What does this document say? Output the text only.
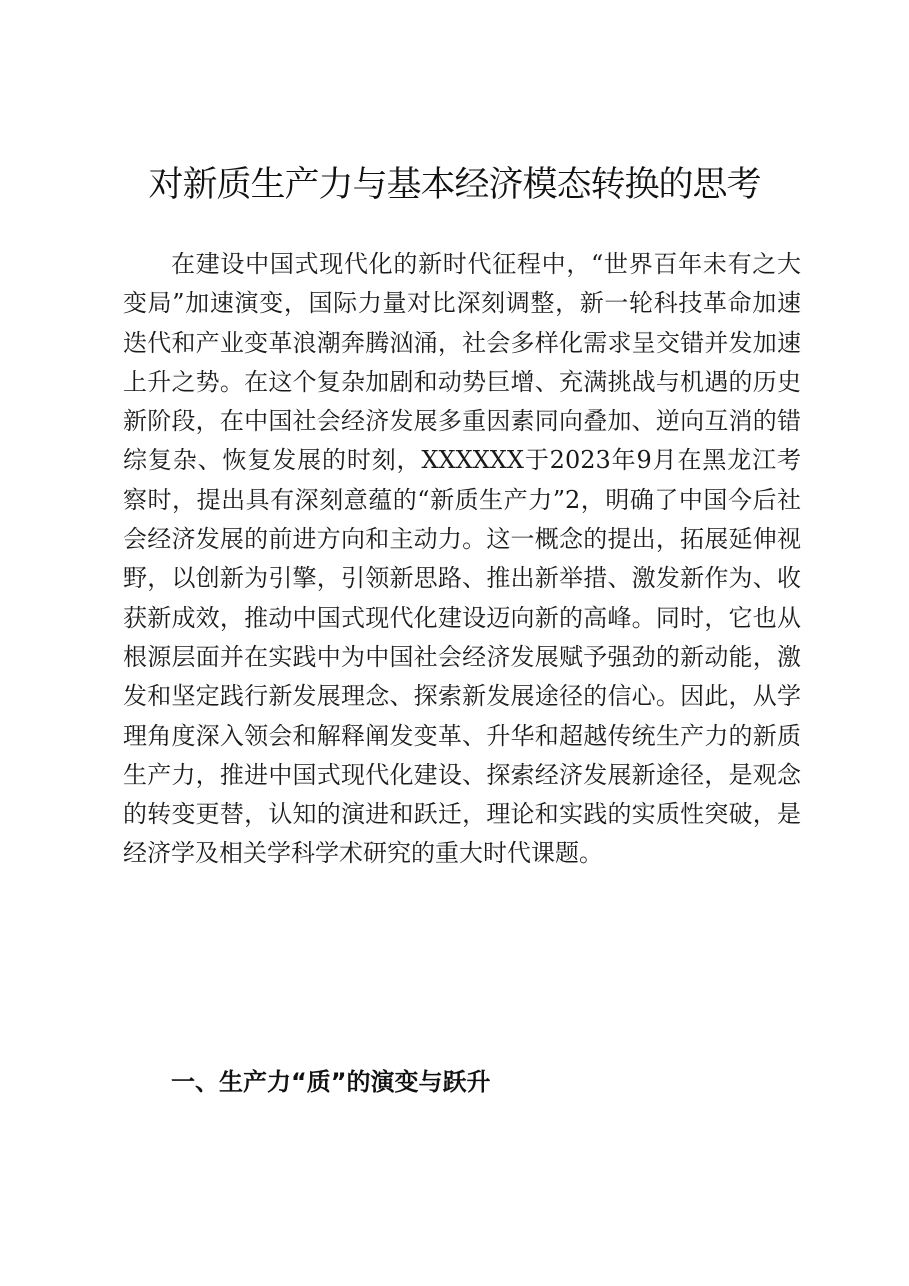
对新质生产力与基本经济模态转换的思考

在建设中国式现代化的新时代征程中，“世界百年未有之大变局”加速演变，国际力量对比深刻调整，新一轮科技革命加速迭代和产业变革浪潮奔腾汹涌，社会多样化需求呈交错并发加速上升之势。在这个复杂加剧和动势巨增、充满挑战与机遇的历史新阶段，在中国社会经济发展多重因素同向叠加、逆向互消的错综复杂、恢复发展的时刻，XXXXXX于2023年9月在黑龙江考察时，提出具有深刻意蕴的“新质生产力”2，明确了中国今后社会经济发展的前进方向和主动力。这一概念的提出，拓展延伸视野，以创新为引擎，引领新思路、推出新举措、激发新作为、收获新成效，推动中国式现代化建设迈向新的高峰。同时，它也从根源层面并在实践中为中国社会经济发展赋予强劲的新动能，激发和坚定践行新发展理念、探索新发展途径的信心。因此，从学理角度深入领会和解释阐发变革、升华和超越传统生产力的新质生产力，推进中国式现代化建设、探索经济发展新途径，是观念的转变更替，认知的演进和跃迁，理论和实践的实质性突破，是经济学及相关学科学术研究的重大时代课题。

一、生产力“质”的演变与跃升
